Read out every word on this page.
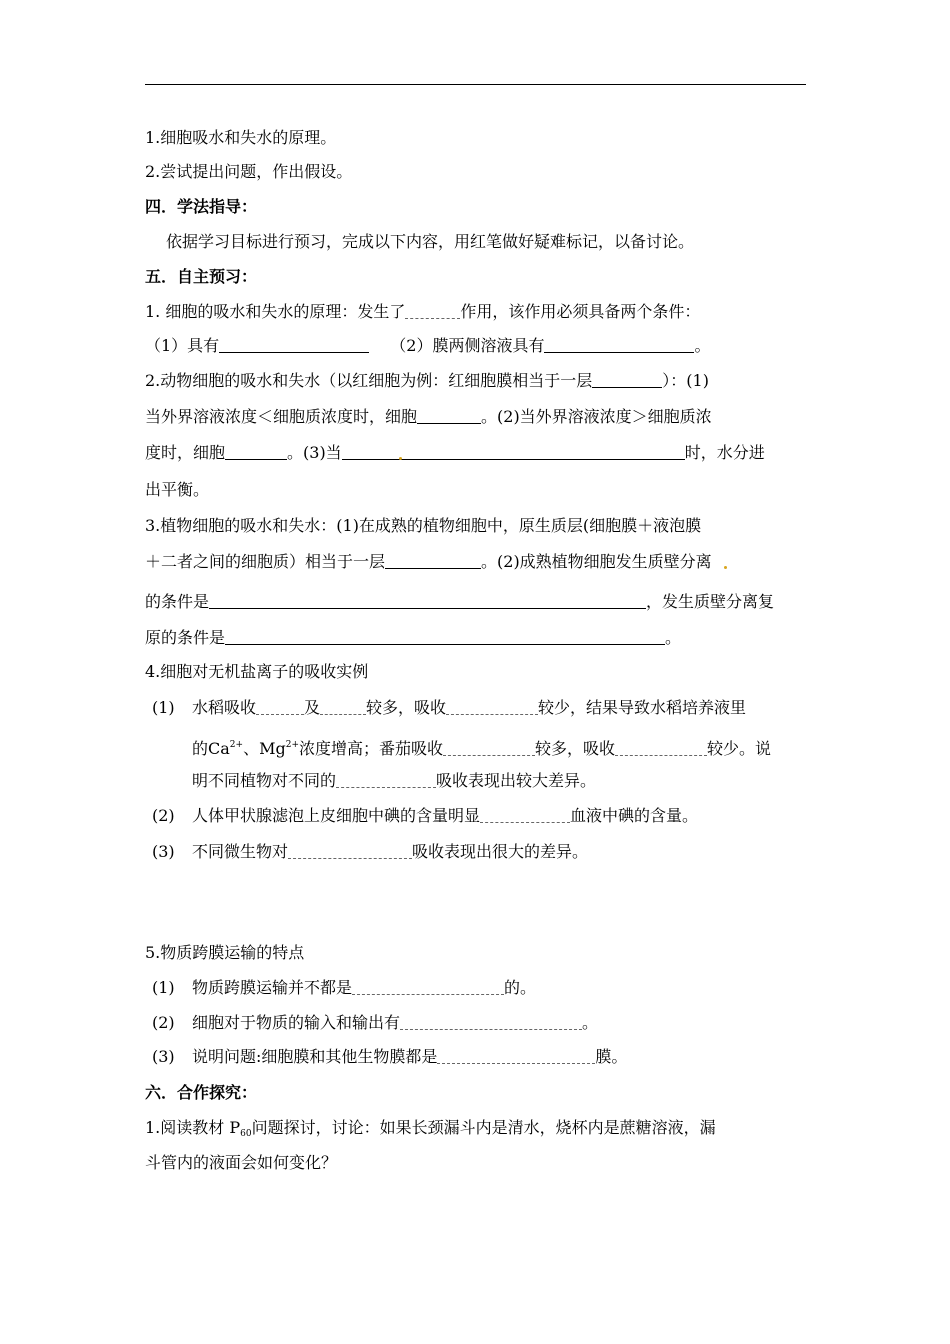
1.细胞吸水和失水的原理。
2.尝试提出问题，作出假设。
四．学法指导：
依据学习目标进行预习，完成以下内容，用红笔做好疑难标记，以备讨论。
五．自主预习：
1. 细胞的吸水和失水的原理：发生了	作用，该作用必须具备两个条件：
（1）具有	（2）膜两侧溶液具有	。
2.动物细胞的吸水和失水（以红细胞为例：红细胞膜相当于一层	）：(1)
当外界溶液浓度＜细胞质浓度时，细胞	。(2)当外界溶液浓度＞细胞质浓
度时，细胞	。(3)当	时，水分进
出平衡。
3.植物细胞的吸水和失水：(1)在成熟的植物细胞中，原生质层(细胞膜＋液泡膜
＋二者之间的细胞质）相当于一层	。(2)成熟植物细胞发生质壁分离
的条件是	，发生质壁分离复
原的条件是	。
4.细胞对无机盐离子的吸收实例
(1) 水稻吸收	及	较多，吸收	较少，结果导致水稻培养液里
的$Ca^{2+}$、$Mg^{2+}$浓度增高；番茄吸收	较多，吸收	较少。说
明不同植物对不同的	吸收表现出较大差异。
(2) 人体甲状腺滤泡上皮细胞中碘的含量明显	血液中碘的含量。
(3) 不同微生物对	吸收表现出很大的差异。
5.物质跨膜运输的特点
(1) 物质跨膜运输并不都是	的。
(2) 细胞对于物质的输入和输出有	。
(3) 说明问题:细胞膜和其他生物膜都是	膜。
六．合作探究：
1.阅读教材 $P_{60}$问题探讨，讨论：如果长颈漏斗内是清水，烧杯内是蔗糖溶液，漏
斗管内的液面会如何变化？
